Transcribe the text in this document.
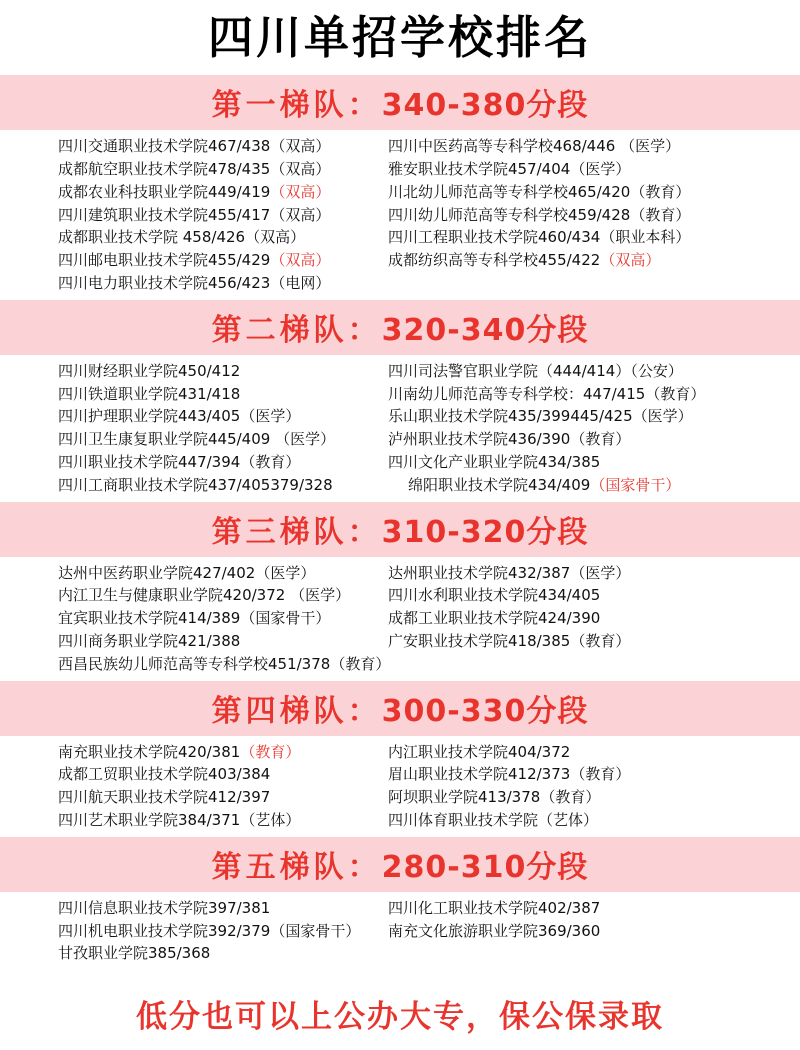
四川单招学校排名
第一梯队：340-380分段
四川交通职业技术学院467/438（双高）	四川中医药高等专科学校468/446 （医学）
成都航空职业技术学院478/435（双高）	雅安职业技术学院457/404（医学）
成都农业科技职业学院449/419（双高）	川北幼儿师范高等专科学校465/420（教育）
四川建筑职业技术学院455/417（双高）	四川幼儿师范高等专科学校459/428（教育）
成都职业技术学院 458/426（双高）	四川工程职业技术学院460/434（职业本科）
四川邮电职业技术学院455/429（双高）	成都纺织高等专科学校455/422（双高）
四川电力职业技术学院456/423（电网）
第二梯队：320-340分段
四川财经职业学院450/412	四川司法警官职业学院（444/414）（公安）
四川铁道职业学院431/418	川南幼儿师范高等专科学校：447/415（教育）
四川护理职业学院443/405（医学）	乐山职业技术学院435/399445/425（医学）
四川卫生康复职业学院445/409 （医学）	泸州职业技术学院436/390（教育）
四川职业技术学院447/394（教育）	四川文化产业职业学院434/385
四川工商职业技术学院437/405379/328	绵阳职业技术学院434/409（国家骨干）
第三梯队：310-320分段
达州中医药职业学院427/402（医学）	达州职业技术学院432/387（医学）
内江卫生与健康职业学院420/372 （医学）	四川水利职业技术学院434/405
宜宾职业技术学院414/389（国家骨干）	成都工业职业技术学院424/390
四川商务职业学院421/388	广安职业技术学院418/385（教育）
西昌民族幼儿师范高等专科学校451/378（教育）
第四梯队：300-330分段
南充职业技术学院420/381（教育）	内江职业技术学院404/372
成都工贸职业技术学院403/384	眉山职业技术学院412/373（教育）
四川航天职业技术学院412/397	阿坝职业学院413/378（教育）
四川艺术职业学院384/371（艺体）	四川体育职业技术学院（艺体）
第五梯队：280-310分段
四川信息职业技术学院397/381	四川化工职业技术学院402/387
四川机电职业技术学院392/379（国家骨干）	南充文化旅游职业学院369/360
甘孜职业学院385/368
低分也可以上公办大专，保公保录取
